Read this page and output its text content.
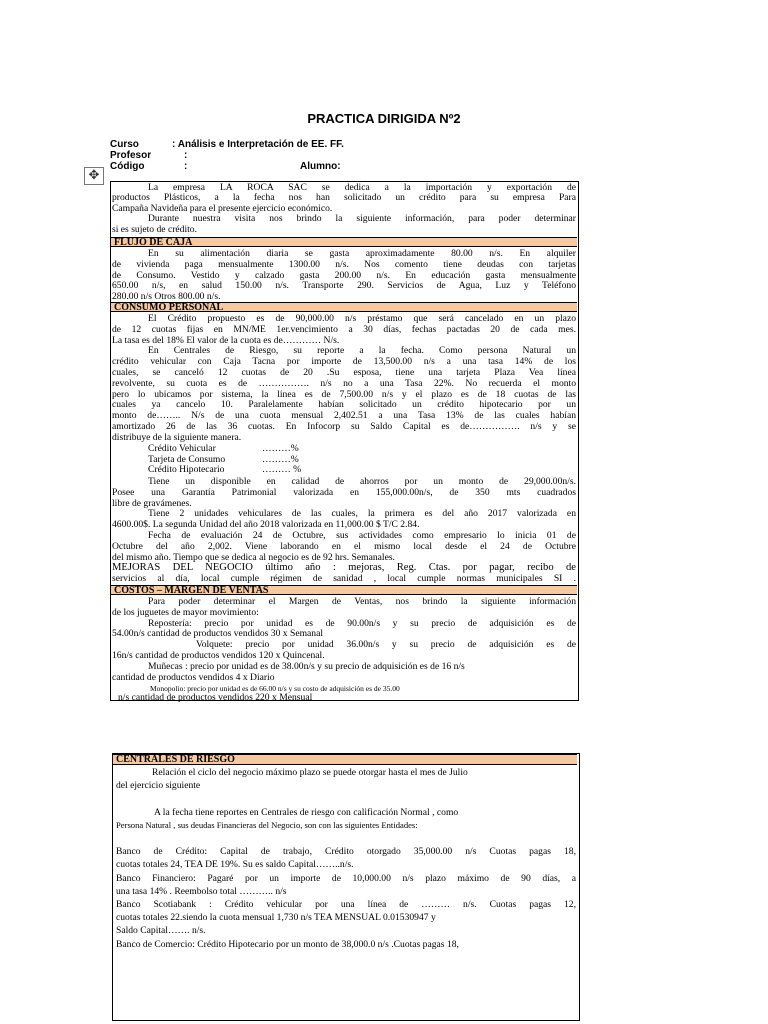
PRACTICA DIRIGIDA Nº2
Curso	: Análisis e Interpretación de EE. FF.
Profesor	:
Código	:	Alumno:
✥
La empresa LA ROCA SAC se dedica a la importación y exportación de
productos Plásticos, a la fecha nos han solicitado un crédito para su empresa Para
Campaña Navideña para el presente ejercicio económico.
Durante nuestra visita nos brindo la siguiente información, para poder determinar
si es sujeto de crédito.
FLUJO DE CAJA
En su alimentación diaria se gasta aproximadamente 80.00 n/s. En alquiler
de vivienda paga mensualmente 1300.00 n/s. Nos comento tiene deudas con tarjetas
de Consumo. Vestido y calzado gasta 200.00 n/s. En educación gasta mensualmente
650.00 n/s, en salud 150.00 n/s. Transporte 290. Servicios de Agua, Luz y Teléfono
280.00 n/s Otros 800.00 n/s.
CONSUMO PERSONAL
El Crédito propuesto es de 90,000.00 n/s préstamo que será cancelado en un plazo
de 12 cuotas fijas en MN/ME 1er.vencimiento a 30 días, fechas pactadas 20 de cada mes.
La tasa es del 18% El valor de la cuota es de………… N/s.
En Centrales de Riesgo, su reporte a la fecha. Como persona Natural un
crédito vehicular con Caja Tacna por importe de 13,500.00 n/s a una tasa 14% de los
cuales, se canceló 12 cuotas de 20 .Su esposa, tiene una tarjeta Plaza Vea línea
revolvente, su cuota es de ……………. n/s no a una Tasa 22%. No recuerda el monto
pero lo ubicamos por sistema, la línea es de 7,500.00 n/s y el plazo es de 18 cuotas de las
cuales ya cancelo 10. Paralelamente habían solicitado un crédito hipotecario por un
monto de…….. N/s de una cuota mensual 2,402.51 a una Tasa 13% de las cuales habían
amortizado 26 de las 36 cuotas. En Infocorp su Saldo Capital es de……………. n/s y se
distribuye de la siguiente manera.
Crédito Vehicular	………%
Tarjeta de Consumo	………%
Crédito Hipotecario	……… %
Tiene un disponible en calidad de ahorros por un monto de 29,000.00n/s.
Posee una Garantía Patrimonial valorizada en 155,000.00n/s, de 350 mts cuadrados
libre de gravámenes.
Tiene 2 unidades vehiculares de las cuales, la primera es del año 2017 valorizada en
4600.00$. La segunda Unidad del año 2018 valorizada en 11,000.00 $ T/C 2.84.
Fecha de evaluación 24 de Octubre, sus actividades como empresario lo inicia 01 de
Octubre del año 2,002. Viene laborando en el mismo local desde el 24 de Octubre
del mismo año. Tiempo que se dedica al negocio es de 92 hrs. Semanales.
MEJORAS DEL NEGOCIO último año : mejoras, Reg. Ctas. por pagar, recibo de
servicios al día, local cumple régimen de sanidad , local cumple normas municipales SI .
COSTOS – MARGEN DE VENTAS
Para poder determinar el Margen de Ventas, nos brindo la siguiente información
de los juguetes de mayor movimiento:
Repostería: precio por unidad es de 90.00n/s y su precio de adquisición es de
54.00n/s cantidad de productos vendidos 30 x Semanal
Volquete: precio por unidad 36.00n/s y su precio de adquisición es de
16n/s cantidad de productos vendidos 120 x Quincenal.
Muñecas : precio por unidad es de 38.00n/s y su precio de adquisición es de 16 n/s
cantidad de productos vendidos 4 x Diario
Monopolio: precio por unidad es de 66.00 n/s y su costo de adquisición es de 35.00
n/s cantidad de productos vendidos 220 x Mensual
CENTRALES DE RIESGO
Relación el ciclo del negocio máximo plazo se puede otorgar hasta el mes de Julio
del ejercicio siguiente
A la fecha tiene reportes en Centrales de riesgo con calificación Normal , como
Persona Natural , sus deudas Financieras del Negocio, son con las siguientes Entidades:
Banco de Crédito: Capital de trabajo, Crédito otorgado 35,000.00 n/s Cuotas pagas 18,
cuotas totales 24, TEA DE 19%. Su es saldo Capital……..n/s.
Banco Financiero: Pagaré por un importe de 10,000.00 n/s plazo máximo de 90 días, a
una tasa 14% . Reembolso total ……….. n/s
Banco Scotiabank : Crédito vehicular por una línea de ……… n/s. Cuotas pagas 12,
cuotas totales 22.siendo la cuota mensual 1,730 n/s TEA MENSUAL 0.01530947 y
Saldo Capital……. n/s.
Banco de Comercio: Crédito Hipotecario por un monto de 38,000.0 n/s .Cuotas pagas 18,
